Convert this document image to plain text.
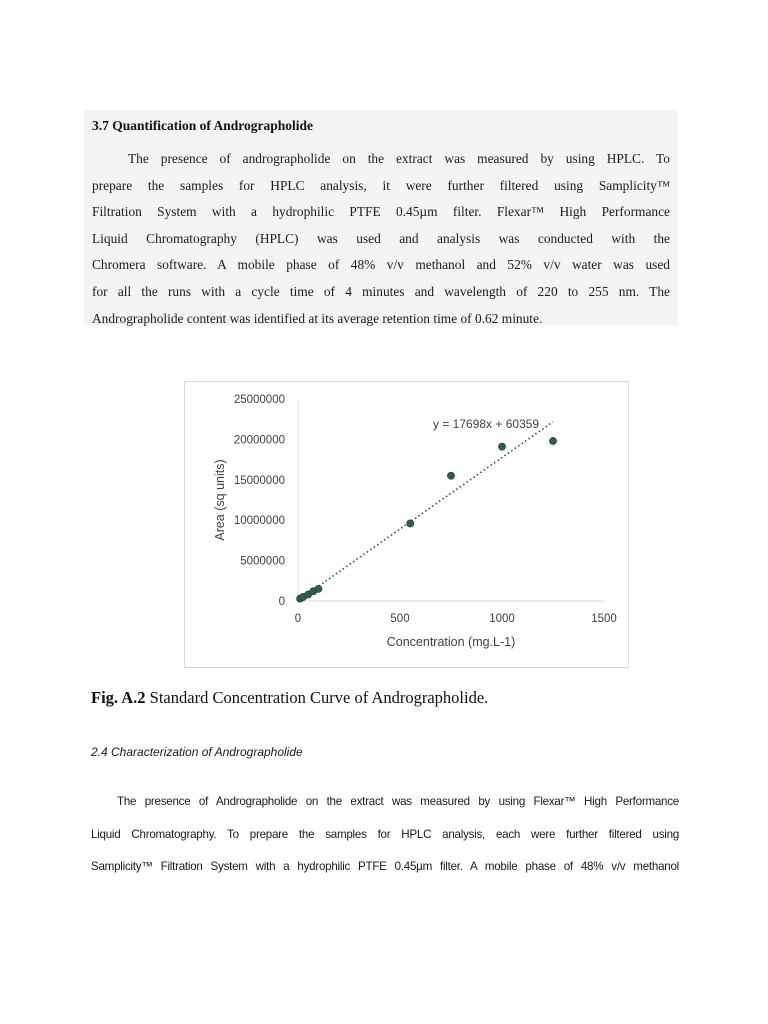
3.7 Quantification of Andrographolide

The presence of andrographolide on the extract was measured by using HPLC. To
prepare the samples for HPLC analysis, it were further filtered using Samplicity™
Filtration System with a hydrophilic PTFE 0.45µm filter. Flexar™ High Performance
Liquid Chromatography (HPLC) was used and analysis was conducted with the
Chromera software. A mobile phase of 48% v/v methanol and 52% v/v water was used
for all the runs with a cycle time of 4 minutes and wavelength of 220 to 255 nm. The
Andrographolide content was identified at its average retention time of 0.62 minute.

0
5000000
10000000
15000000
20000000
25000000
0	500	1000	1500
y = 17698x + 60359
Concentration (mg.L-1)
Area (sq units)
Fig. A.2 Standard Concentration Curve of Andrographolide.
2.4 Characterization of Andrographolide

The presence of Andrographolide on the extract was measured by using Flexar™ High Performance
Liquid Chromatography. To prepare the samples for HPLC analysis, each were further filtered using
Samplicity™ Filtration System with a hydrophilic PTFE 0.45µm filter. A mobile phase of 48% v/v methanol
